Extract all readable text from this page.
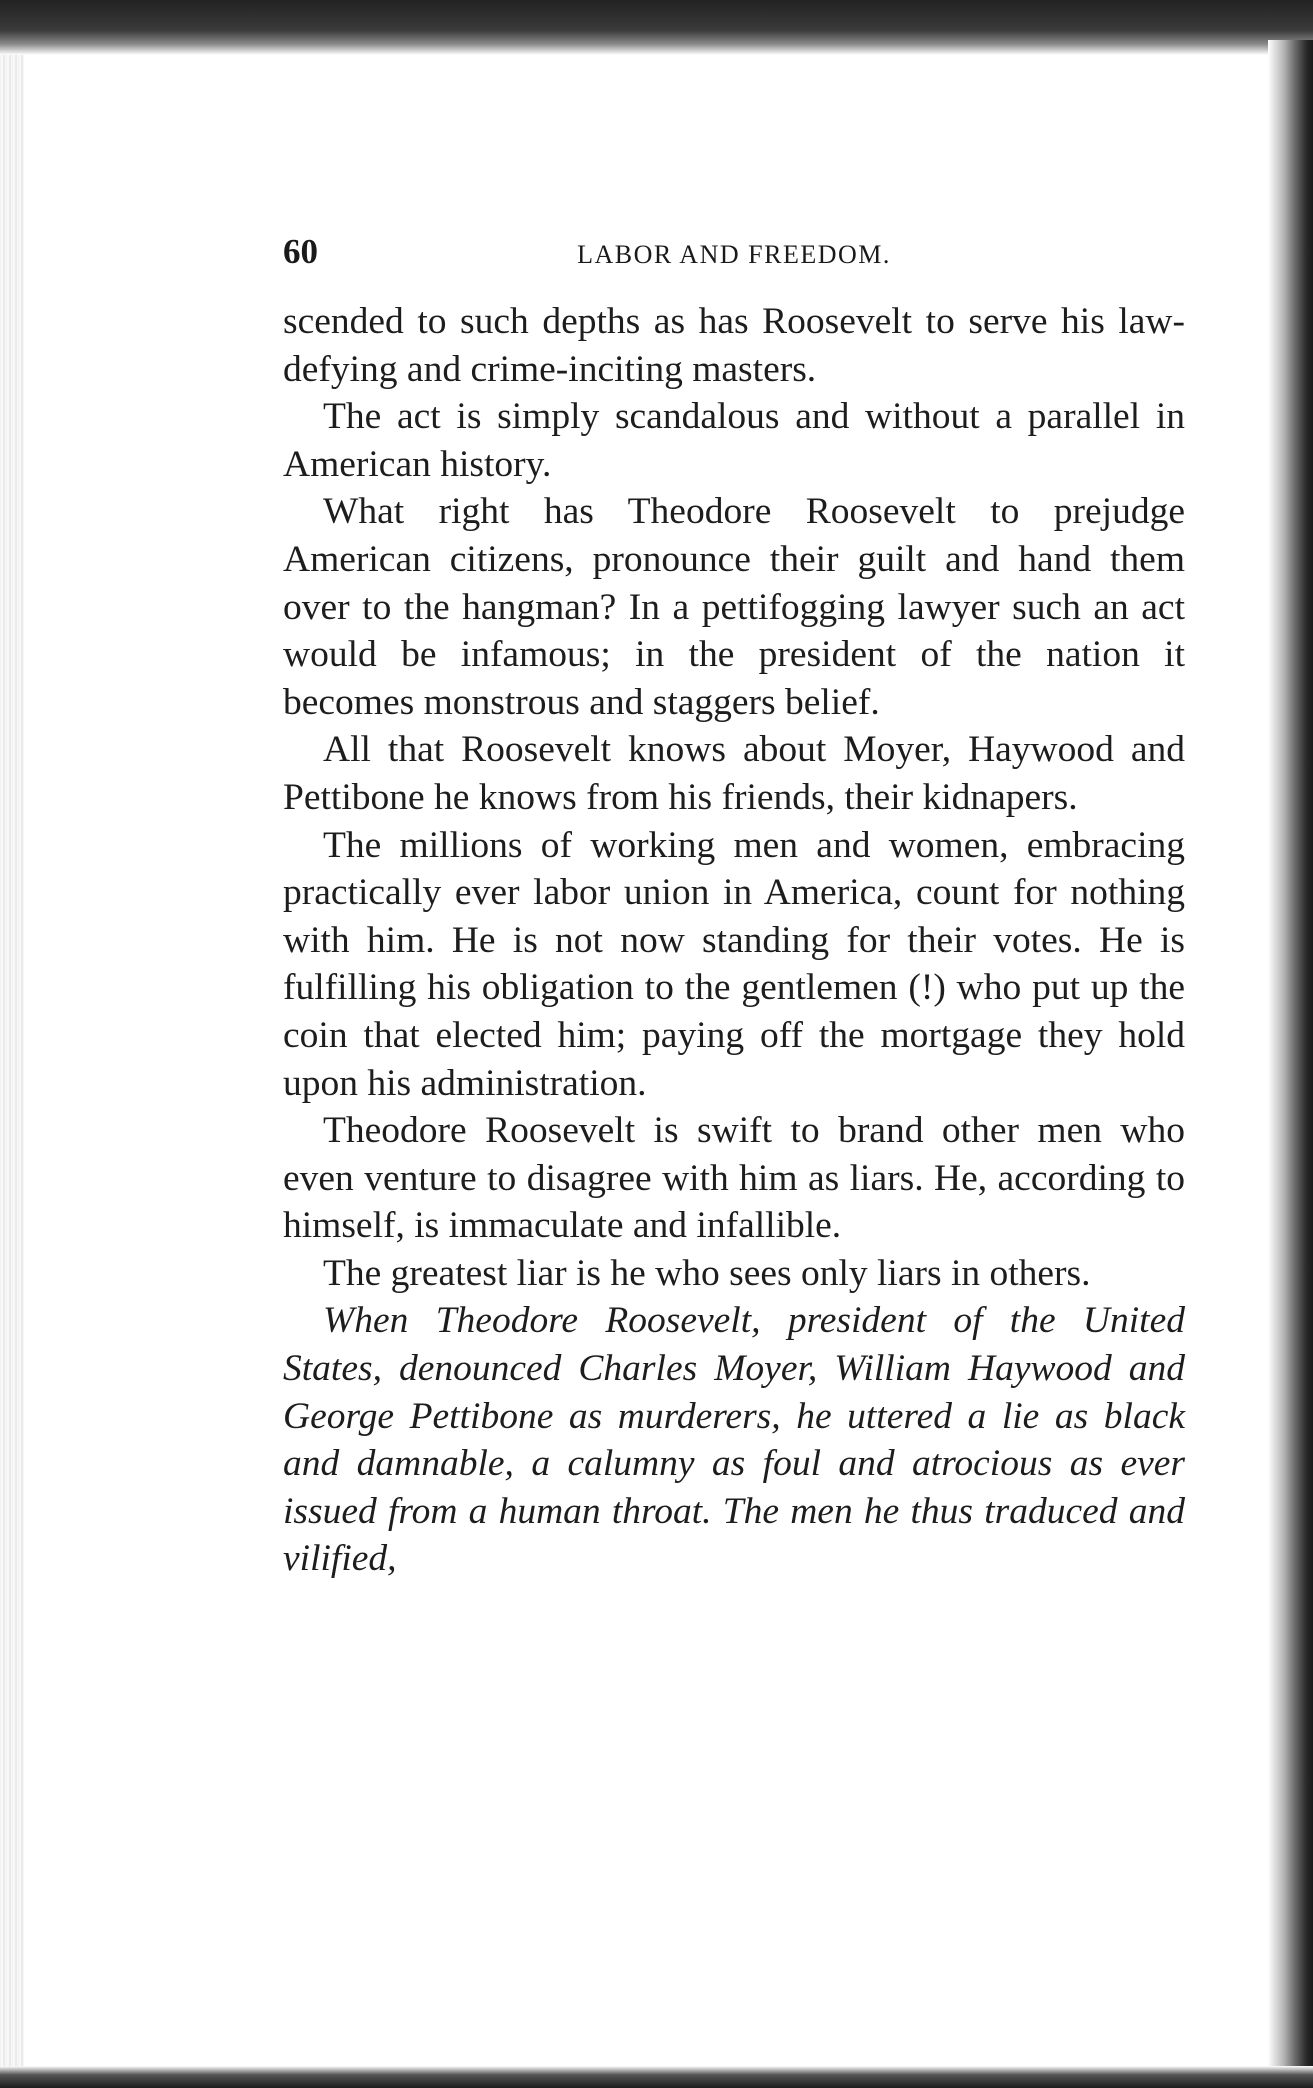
60	LABOR AND FREEDOM.

scended to such depths as has Roosevelt to serve his law-defying and crime-inciting masters.

The act is simply scandalous and without a parallel in American history.

What right has Theodore Roosevelt to prejudge American citizens, pronounce their guilt and hand them over to the hangman? In a pettifogging lawyer such an act would be infamous; in the president of the nation it becomes monstrous and staggers belief.

All that Roosevelt knows about Moyer, Haywood and Pettibone he knows from his friends, their kidnapers.

The millions of working men and women, embracing practically ever labor union in America, count for nothing with him. He is not now standing for their votes. He is fulfilling his obligation to the gentlemen (!) who put up the coin that elected him; paying off the mortgage they hold upon his administration.

Theodore Roosevelt is swift to brand other men who even venture to disagree with him as liars. He, according to himself, is immaculate and infallible.

The greatest liar is he who sees only liars in others.

When Theodore Roosevelt, president of the United States, denounced Charles Moyer, William Haywood and George Pettibone as murderers, he uttered a lie as black and damnable, a calumny as foul and atrocious as ever issued from a human throat. The men he thus traduced and vilified,
